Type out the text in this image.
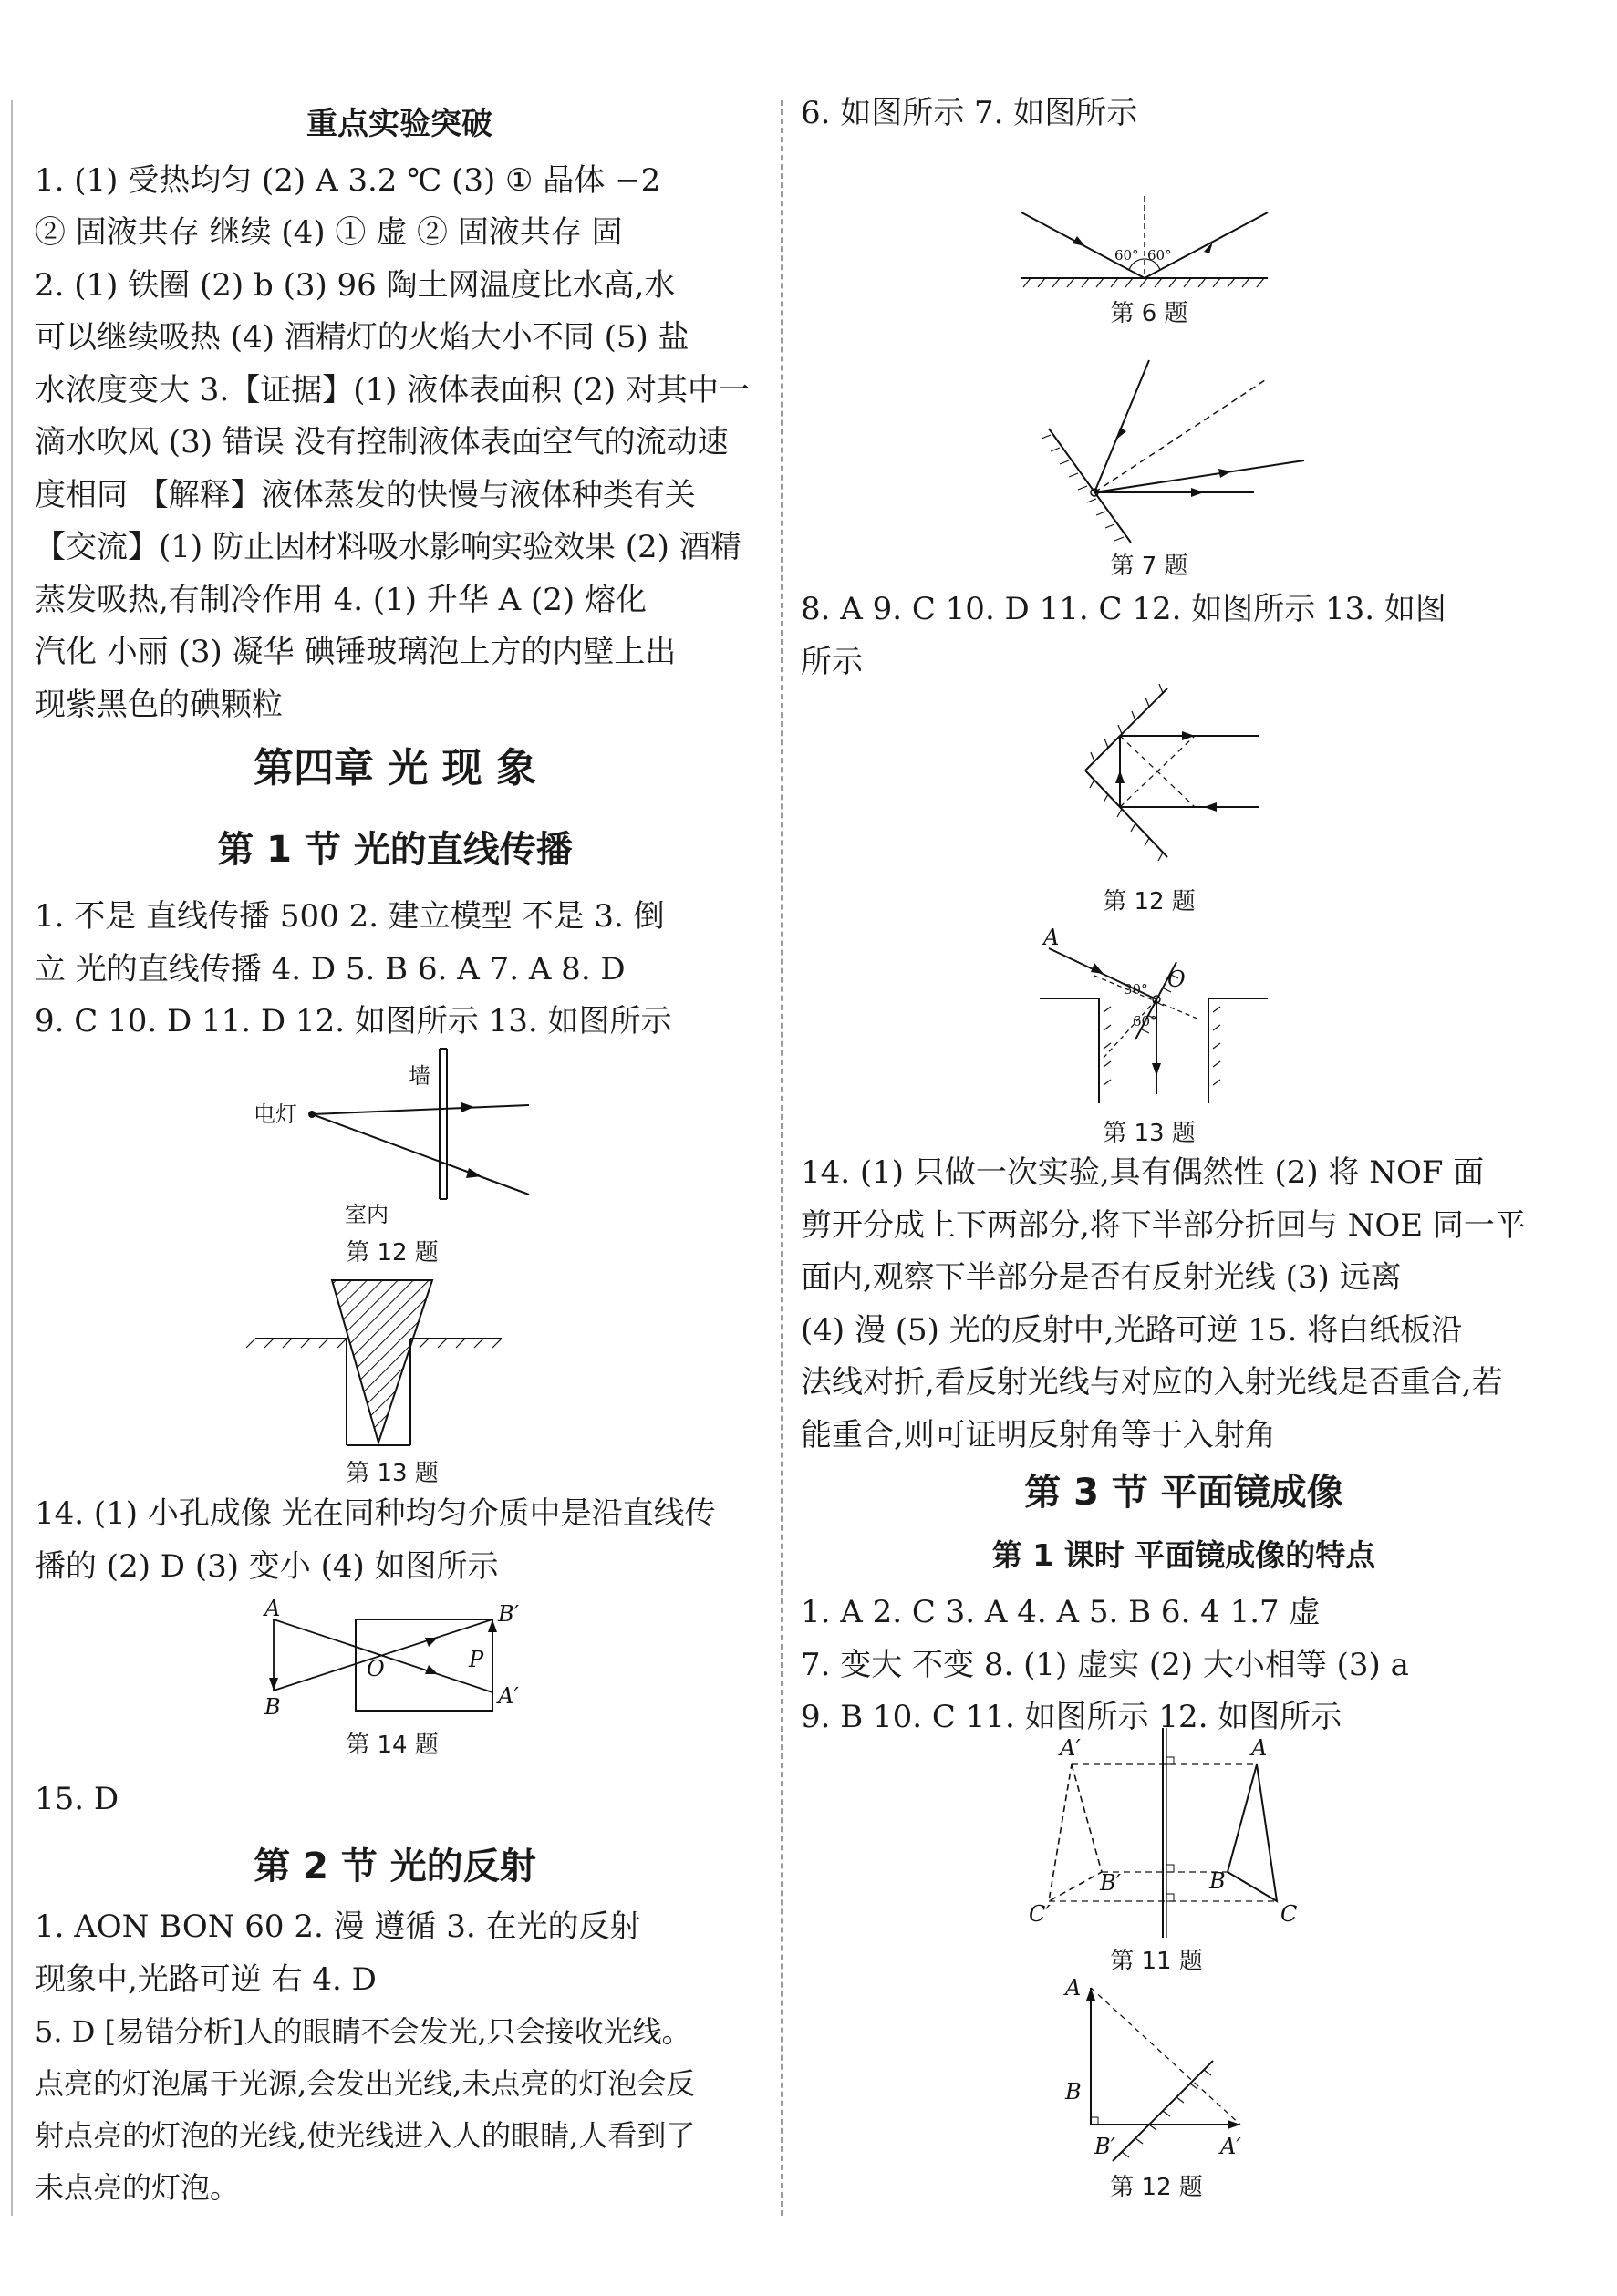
重点实验突破

1. (1) 受热均匀 (2) A 3.2 ℃ (3) ① 晶体 −2

② 固液共存 继续 (4) ① 虚 ② 固液共存 固

2. (1) 铁圈 (2) b (3) 96 陶土网温度比水高,水

可以继续吸热 (4) 酒精灯的火焰大小不同 (5) 盐

水浓度变大 3.【证据】(1) 液体表面积 (2) 对其中一

滴水吹风 (3) 错误 没有控制液体表面空气的流动速

度相同 【解释】液体蒸发的快慢与液体种类有关

【交流】(1) 防止因材料吸水影响实验效果 (2) 酒精

蒸发吸热,有制冷作用 4. (1) 升华 A (2) 熔化

汽化 小丽 (3) 凝华 碘锤玻璃泡上方的内壁上出

现紫黑色的碘颗粒

第四章 光 现 象
第 1 节 光的直线传播

1. 不是 直线传播 500 2. 建立模型 不是 3. 倒

立 光的直线传播 4. D 5. B 6. A 7. A 8. D

9. C 10. D 11. D 12. 如图所示 13. 如图所示

墙
电灯
室内
第 12 题
第 13 题

14. (1) 小孔成像 光在同种均匀介质中是沿直线传

播的 (2) D (3) 变小 (4) 如图所示

A
B
O	P
B′
A′
第 14 题
15. D
第 2 节 光的反射

1. AON BON 60 2. 漫 遵循 3. 在光的反射

现象中,光路可逆 右 4. D

5. D [易错分析]人的眼睛不会发光,只会接收光线。

点亮的灯泡属于光源,会发出光线,未点亮的灯泡会反

射点亮的灯泡的光线,使光线进入人的眼睛,人看到了

未点亮的灯泡。

6. 如图所示 7. 如图所示
60° 60°
第 6 题
第 7 题

8. A 9. C 10. D 11. C 12. 如图所示 13. 如图

所示

第 12 题
A
O
30°
60°
第 13 题

14. (1) 只做一次实验,具有偶然性 (2) 将 NOF 面

剪开分成上下两部分,将下半部分折回与 NOE 同一平

面内,观察下半部分是否有反射光线 (3) 远离

(4) 漫 (5) 光的反射中,光路可逆 15. 将白纸板沿

法线对折,看反射光线与对应的入射光线是否重合,若

能重合,则可证明反射角等于入射角

第 3 节 平面镜成像
第 1 课时 平面镜成像的特点

1. A 2. C 3. A 4. A 5. B 6. 4 1.7 虚

7. 变大 不变 8. (1) 虚实 (2) 大小相等 (3) a

9. B 10. C 11. 如图所示 12. 如图所示

A′	A
B′	B
C′	C
第 11 题
A
B
B′	A′
第 12 题
